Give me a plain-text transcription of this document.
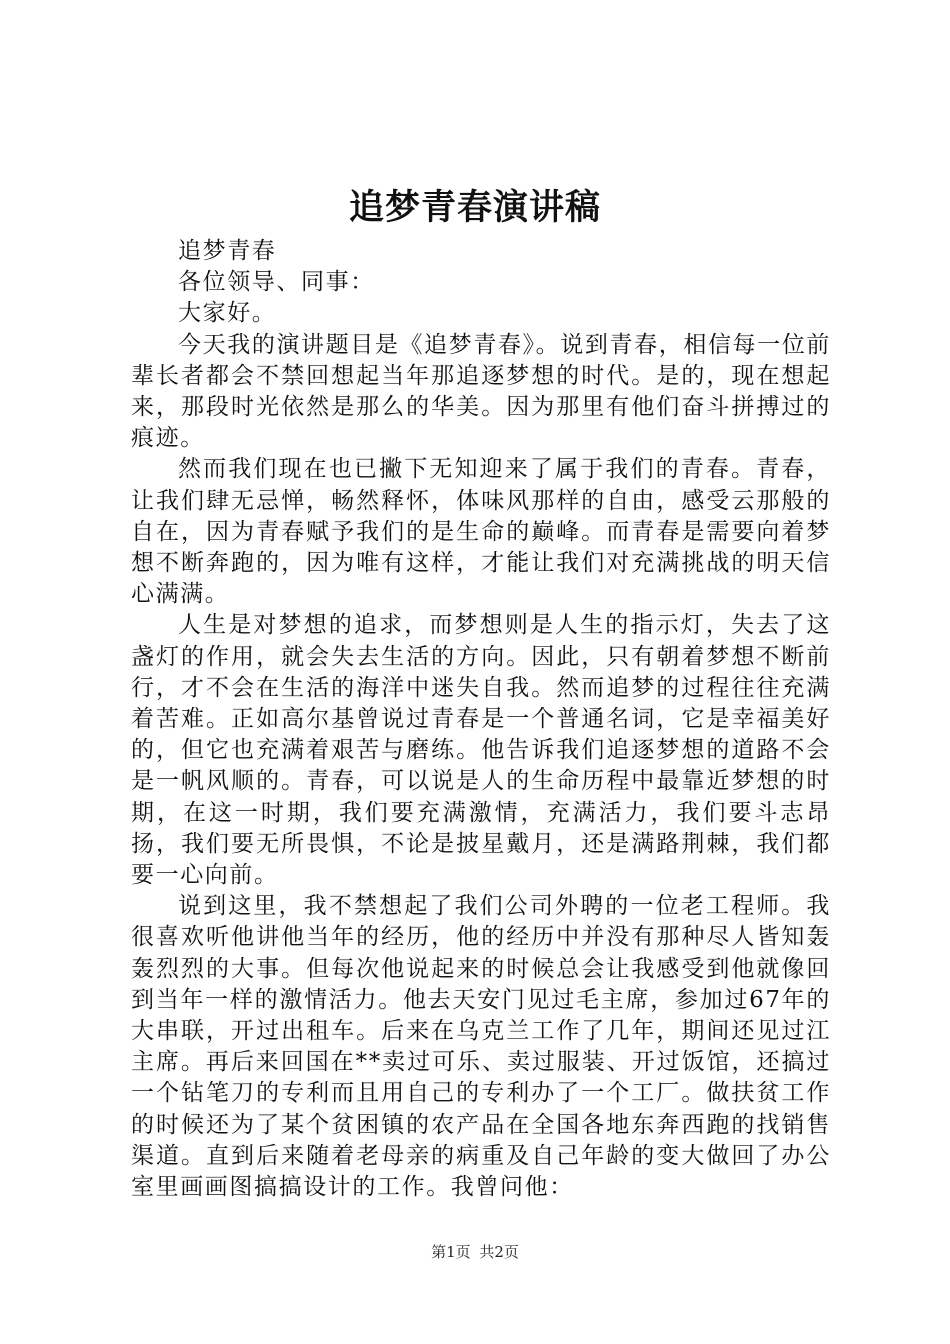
追梦青春演讲稿

追梦青春

各位领导、同事：

大家好。

今天我的演讲题目是《追梦青春》。说到青春，相信每一位前辈长者都会不禁回想起当年那追逐梦想的时代。是的，现在想起来，那段时光依然是那么的华美。因为那里有他们奋斗拼搏过的痕迹。

然而我们现在也已撇下无知迎来了属于我们的青春。青春，让我们肆无忌惮，畅然释怀，体味风那样的自由，感受云那般的自在，因为青春赋予我们的是生命的巅峰。而青春是需要向着梦想不断奔跑的，因为唯有这样，才能让我们对充满挑战的明天信心满满。

人生是对梦想的追求，而梦想则是人生的指示灯，失去了这盏灯的作用，就会失去生活的方向。因此，只有朝着梦想不断前行，才不会在生活的海洋中迷失自我。然而追梦的过程往往充满着苦难。正如高尔基曾说过青春是一个普通名词，它是幸福美好的，但它也充满着艰苦与磨练。他告诉我们追逐梦想的道路不会是一帆风顺的。青春，可以说是人的生命历程中最靠近梦想的时期，在这一时期，我们要充满激情，充满活力，我们要斗志昂扬，我们要无所畏惧，不论是披星戴月，还是满路荆棘，我们都要一心向前。

说到这里，我不禁想起了我们公司外聘的一位老工程师。我很喜欢听他讲他当年的经历，他的经历中并没有那种尽人皆知轰轰烈烈的大事。但每次他说起来的时候总会让我感受到他就像回到当年一样的激情活力。他去天安门见过毛主席，参加过67年的大串联，开过出租车。后来在乌克兰工作了几年，期间还见过江主席。再后来回国在**卖过可乐、卖过服装、开过饭馆，还搞过一个钻笔刀的专利而且用自己的专利办了一个工厂。做扶贫工作的时候还为了某个贫困镇的农产品在全国各地东奔西跑的找销售渠道。直到后来随着老母亲的病重及自己年龄的变大做回了办公室里画画图搞搞设计的工作。我曾问他：

第1页 共2页
